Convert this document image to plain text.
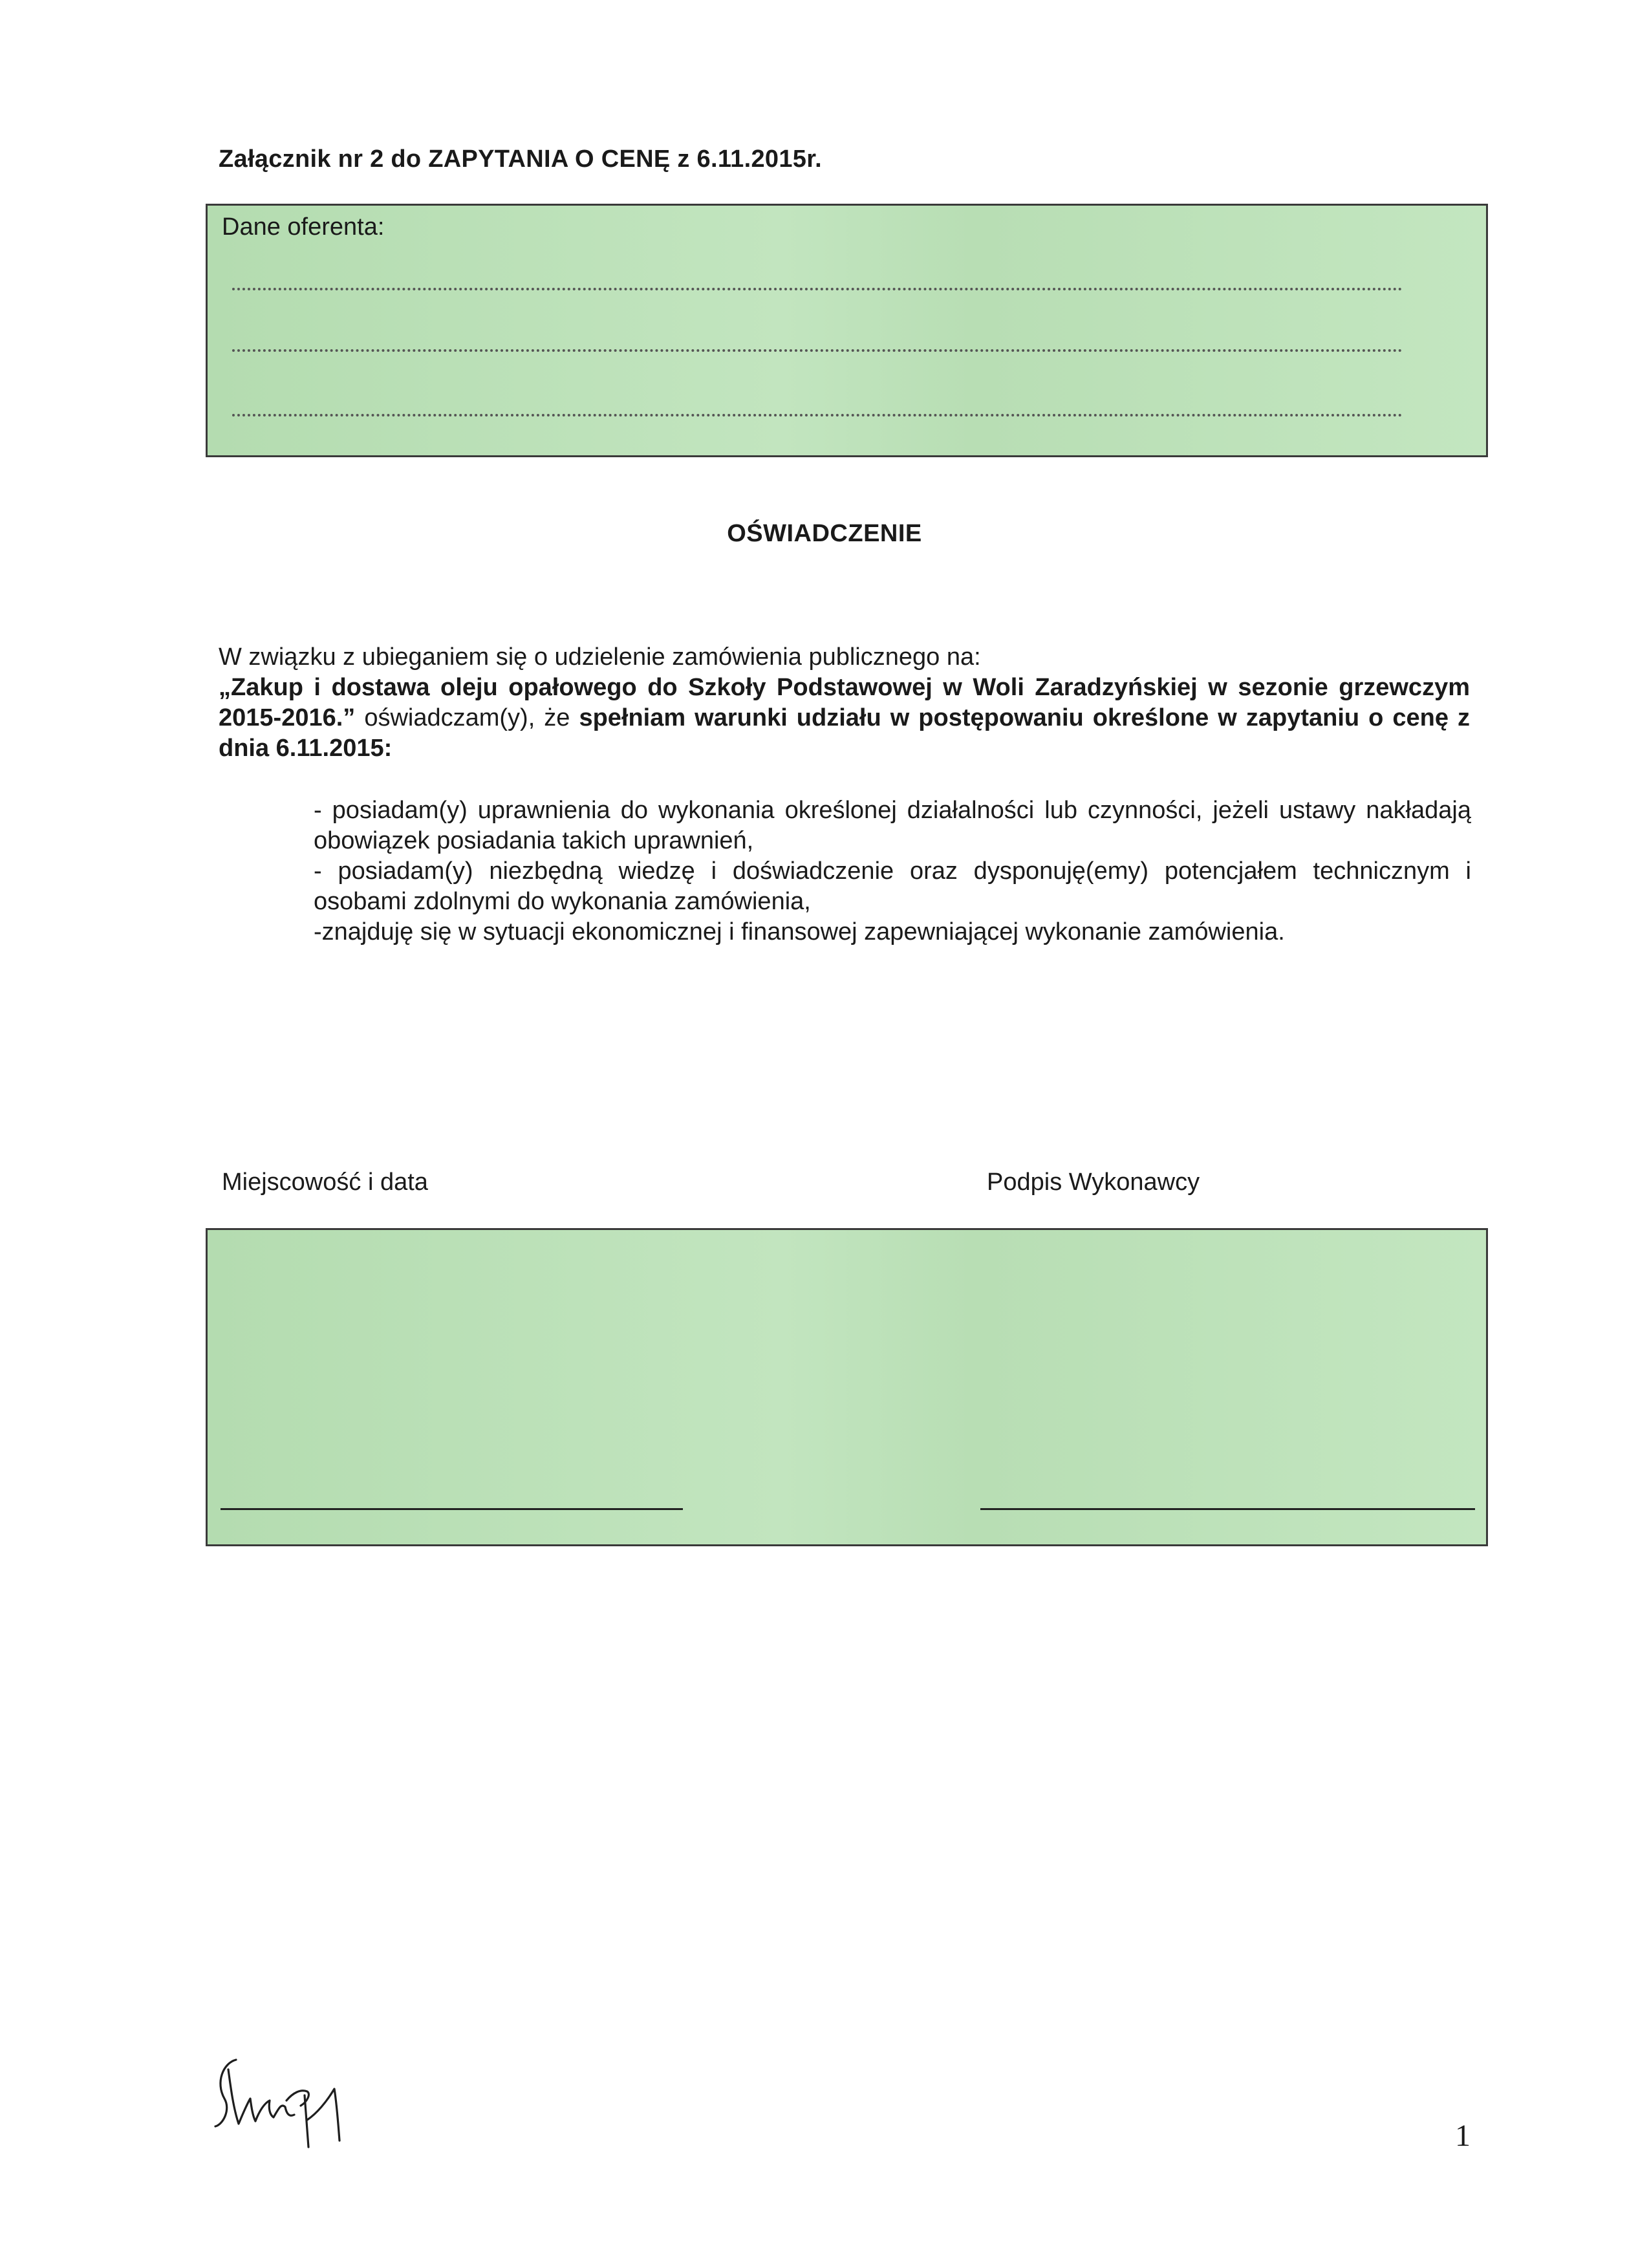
Załącznik nr 2 do ZAPYTANIA O CENĘ z 6.11.2015r.
Dane oferenta:
OŚWIADCZENIE
W związku z ubieganiem się o udzielenie zamówienia publicznego na:
„Zakup i dostawa oleju opałowego do Szkoły Podstawowej w Woli Zaradzyńskiej w sezonie grzewczym 2015-2016.” oświadczam(y), że spełniam warunki udziału w postępowaniu określone w zapytaniu o cenę z dnia 6.11.2015:
- posiadam(y) uprawnienia do wykonania określonej działalności lub czynności, jeżeli ustawy nakładają obowiązek posiadania takich uprawnień,
- posiadam(y) niezbędną wiedzę i doświadczenie oraz dysponuję(emy) potencjałem technicznym i osobami zdolnymi do wykonania zamówienia,
-znajduję się w sytuacji ekonomicznej i finansowej zapewniającej wykonanie zamówienia.
Miejscowość i data	Podpis Wykonawcy
1
